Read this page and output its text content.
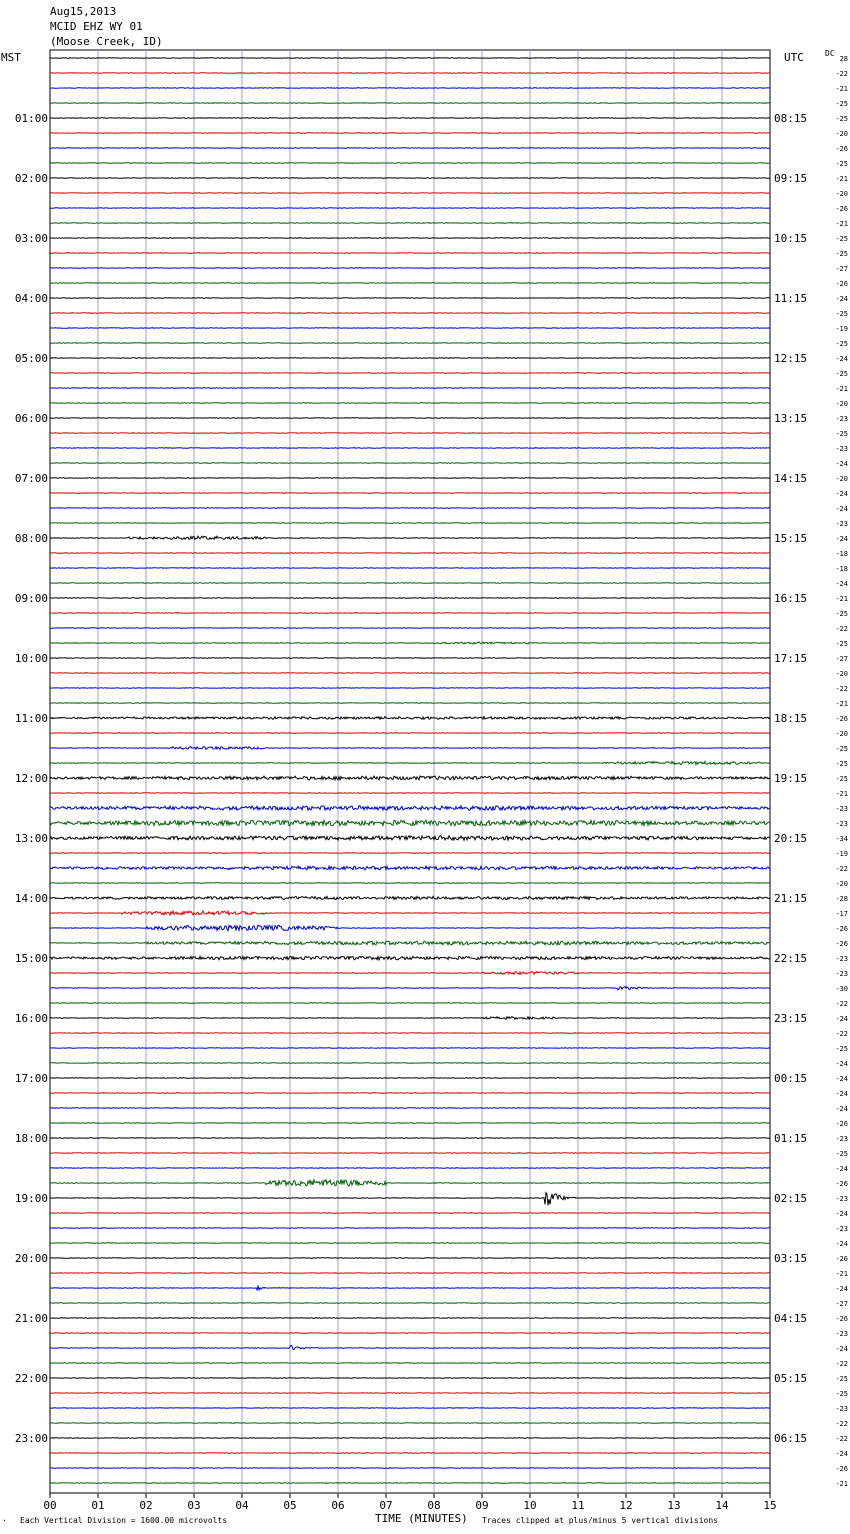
Aug15,2013
MCID EHZ WY 01
(Moose Creek, ID)
MST	UTC	DC
28
-22
-21
-25
-25
-20
-26
-25
-21
-20
-26
-21
-25
-25
-27
-26
-24
-25
-19
-25
-24
-25
-21
-20
-23
-25
-23
-24
-20
-24
-24
-23
-24
-18
-18
-24
-21
-25
-22
-25
-27
-20
-22
-21
-26
-20
-25
-25
-25
-21
-23
-23
-34
-19
-22
-20
-28
-17
-26
-26
-23
-23
-30
-22
-24
-22
-25
-24
-24
-24
-24
-26
-23
-25
-24
-26
-23
-24
-23
-24
-26
-21
-24
-27
-26
-23
-24
-22
-25
-25
-23
-22
-22
-24
-26
-21
01:00	08:15
02:00	09:15
03:00	10:15
04:00	11:15
05:00	12:15
06:00	13:15
07:00	14:15
08:00	15:15
09:00	16:15
10:00	17:15
11:00	18:15
12:00	19:15
13:00	20:15
14:00	21:15
15:00	22:15
16:00	23:15
17:00	00:15
18:00	01:15
19:00	02:15
20:00	03:15
21:00	04:15
22:00	05:15
23:00	06:15
00	01	02	03	04	05	06	07	08	09	10	11	12	13	14	15
· Each Vertical Division = 1600.00 microvolts	TIME (MINUTES) Traces clipped at plus/minus 5 vertical divisions
